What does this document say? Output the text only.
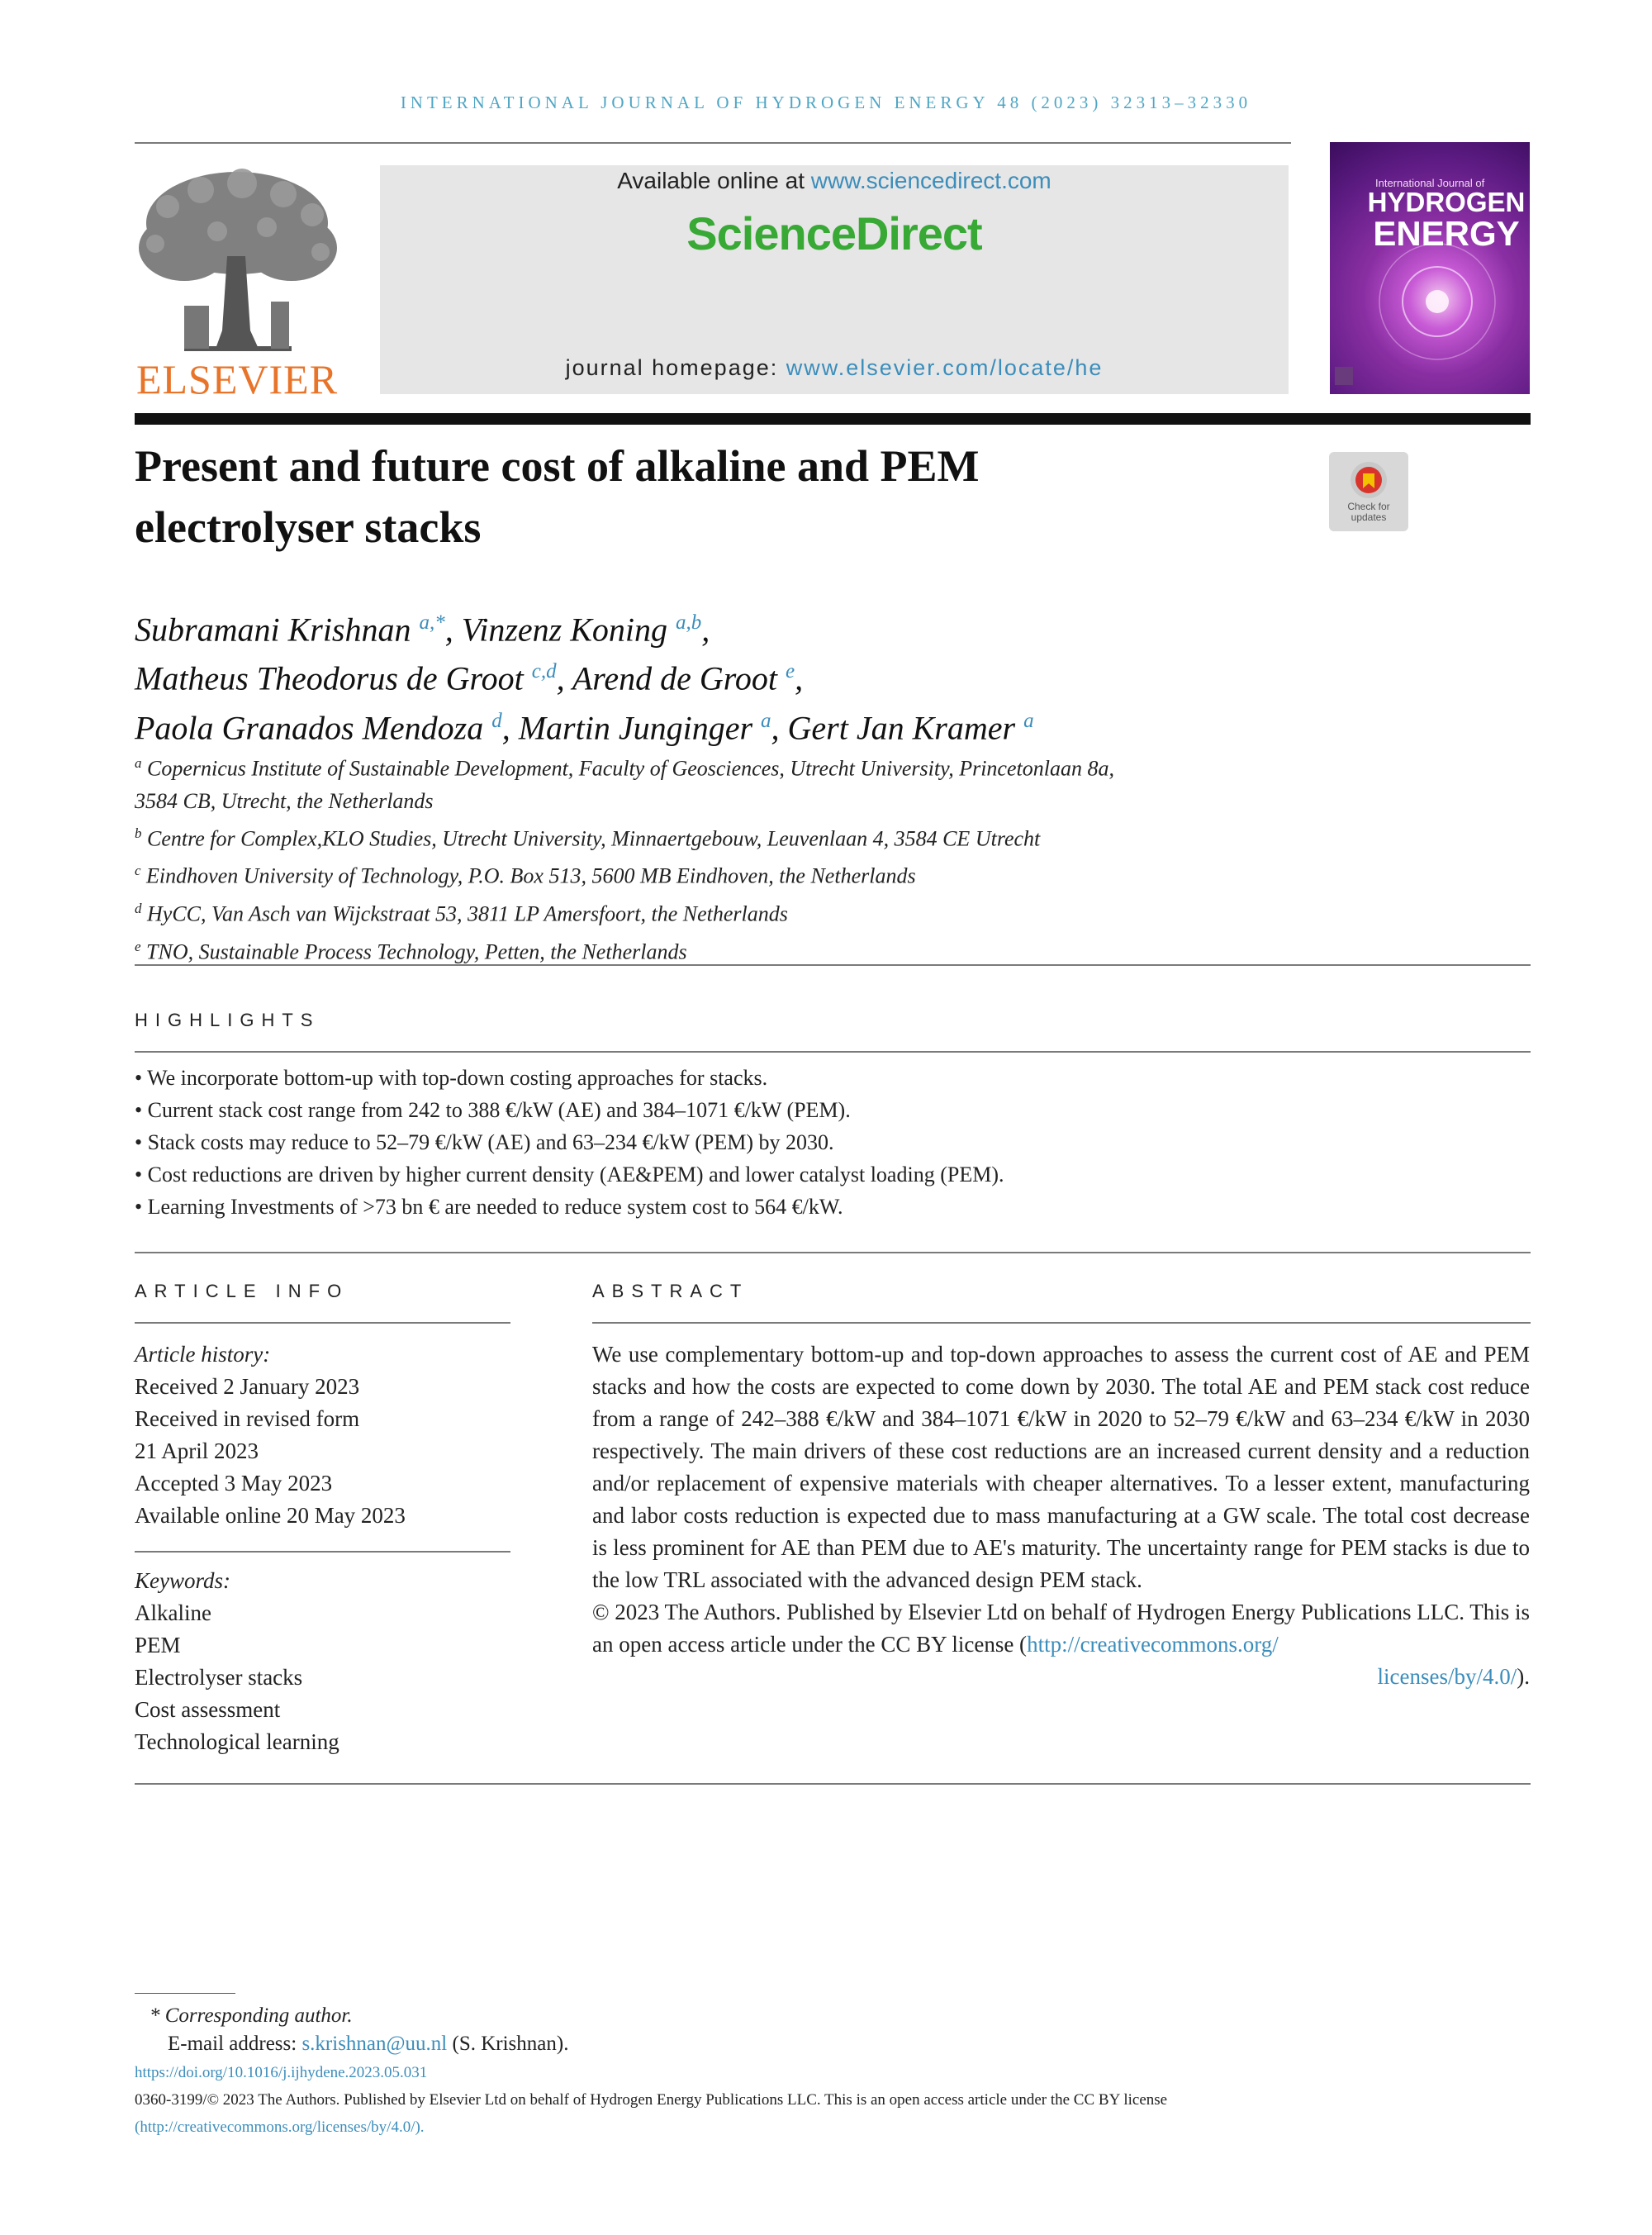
INTERNATIONAL JOURNAL OF HYDROGEN ENERGY 48 (2023) 32313–32330
ELSEVIER
Available online at www.sciencedirect.com
ScienceDirect
journal homepage: www.elsevier.com/locate/he
International Journal of
HYDROGEN
ENERGY
Present and future cost of alkaline and PEM electrolyser stacks	Check for updates
Subramani Krishnan $^{a,*}$, Vinzenz Koning $^{a,b}$,
Matheus Theodorus de Groot $^{c,d}$, Arend de Groot $^e$,
Paola Granados Mendoza $^d$, Martin Junginger $^a$, Gert Jan Kramer $^a$
$^a$ Copernicus Institute of Sustainable Development, Faculty of Geosciences, Utrecht University, Princetonlaan 8a,
3584 CB, Utrecht, the Netherlands
$^b$ Centre for Complex,KLO Studies, Utrecht University, Minnaertgebouw, Leuvenlaan 4, 3584 CE Utrecht
$^c$ Eindhoven University of Technology, P.O. Box 513, 5600 MB Eindhoven, the Netherlands
$^d$ HyCC, Van Asch van Wijckstraat 53, 3811 LP Amersfoort, the Netherlands
$^e$ TNO, Sustainable Process Technology, Petten, the Netherlands
HIGHLIGHTS
• We incorporate bottom-up with top-down costing approaches for stacks.
• Current stack cost range from 242 to 388 €/kW (AE) and 384–1071 €/kW (PEM).
• Stack costs may reduce to 52–79 €/kW (AE) and 63–234 €/kW (PEM) by 2030.
• Cost reductions are driven by higher current density (AE&PEM) and lower catalyst loading (PEM).
• Learning Investments of >73 bn € are needed to reduce system cost to 564 €/kW.
ARTICLE INFO
Article history:
Received 2 January 2023
Received in revised form
21 April 2023
Accepted 3 May 2023
Available online 20 May 2023
Keywords:
Alkaline
PEM
Electrolyser stacks
Cost assessment
Technological learning
ABSTRACT
We use complementary bottom-up and top-down approaches to assess the current cost of AE and PEM stacks and how the costs are expected to come down by 2030. The total AE and PEM stack cost reduce from a range of 242–388 €/kW and 384–1071 €/kW in 2020 to 52–79 €/kW and 63–234 €/kW in 2030 respectively. The main drivers of these cost reductions are an increased current density and a reduction and/or replacement of expensive materials with cheaper alternatives. To a lesser extent, manufacturing and labor costs reduction is expected due to mass manufacturing at a GW scale. The total cost decrease is less prominent for AE than PEM due to AE's maturity. The uncertainty range for PEM stacks is due to the low TRL associated with the advanced design PEM stack.
© 2023 The Authors. Published by Elsevier Ltd on behalf of Hydrogen Energy Publications LLC. This is an open access article under the CC BY license (http://creativecommons.org/
licenses/by/4.0/).
* Corresponding author.
E-mail address: s.krishnan@uu.nl (S. Krishnan).
https://doi.org/10.1016/j.ijhydene.2023.05.031
0360-3199/© 2023 The Authors. Published by Elsevier Ltd on behalf of Hydrogen Energy Publications LLC. This is an open access article under the CC BY license
(http://creativecommons.org/licenses/by/4.0/).
